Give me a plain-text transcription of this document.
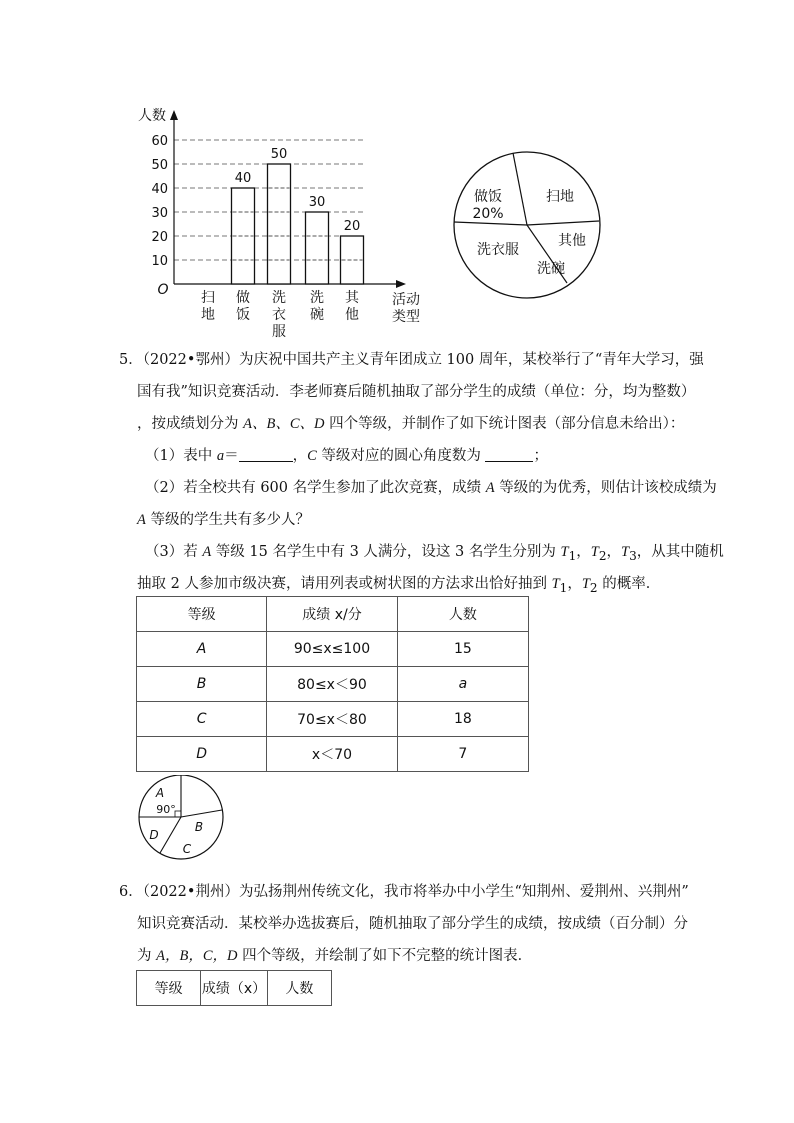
10
20
30
40
50
60
人数
O
活动
类型
扫
地
40
做
饭
50
洗
衣
服
30
洗
碗
20
其
他
做饭
20%
扫地
其他
洗碗
洗衣服
5．（2022•鄂州）为庆祝中国共产主义青年团成立 100 周年，某校举行了“青年大学习，强
国有我”知识竞赛活动．李老师赛后随机抽取了部分学生的成绩（单位：分，均为整数）
，按成绩划分为 A、B、C、D 四个等级，并制作了如下统计图表（部分信息未给出）：
（1）表中 a＝	，C 等级对应的圆心角度数为	；
（2）若全校共有 600 名学生参加了此次竞赛，成绩 A 等级的为优秀，则估计该校成绩为
A 等级的学生共有多少人？
（3）若 A 等级 15 名学生中有 3 人满分，设这 3 名学生分别为 $T_1$，$T_2$，$T_3$，从其中随机
抽取 2 人参加市级决赛，请用列表或树状图的方法求出恰好抽到 $T_1$，$T_2$ 的概率．
等级	成绩 x/分	人数
A	90≤x≤100	15
B	80≤x＜90	a
C	70≤x＜80	18
D	x＜70	7
A
90°
B
C
D
6．（2022•荆州）为弘扬荆州传统文化，我市将举办中小学生“知荆州、爱荆州、兴荆州”
知识竞赛活动．某校举办选拔赛后，随机抽取了部分学生的成绩，按成绩（百分制）分
为 A，B，C，D 四个等级，并绘制了如下不完整的统计图表．
等级	成绩（x）	人数
